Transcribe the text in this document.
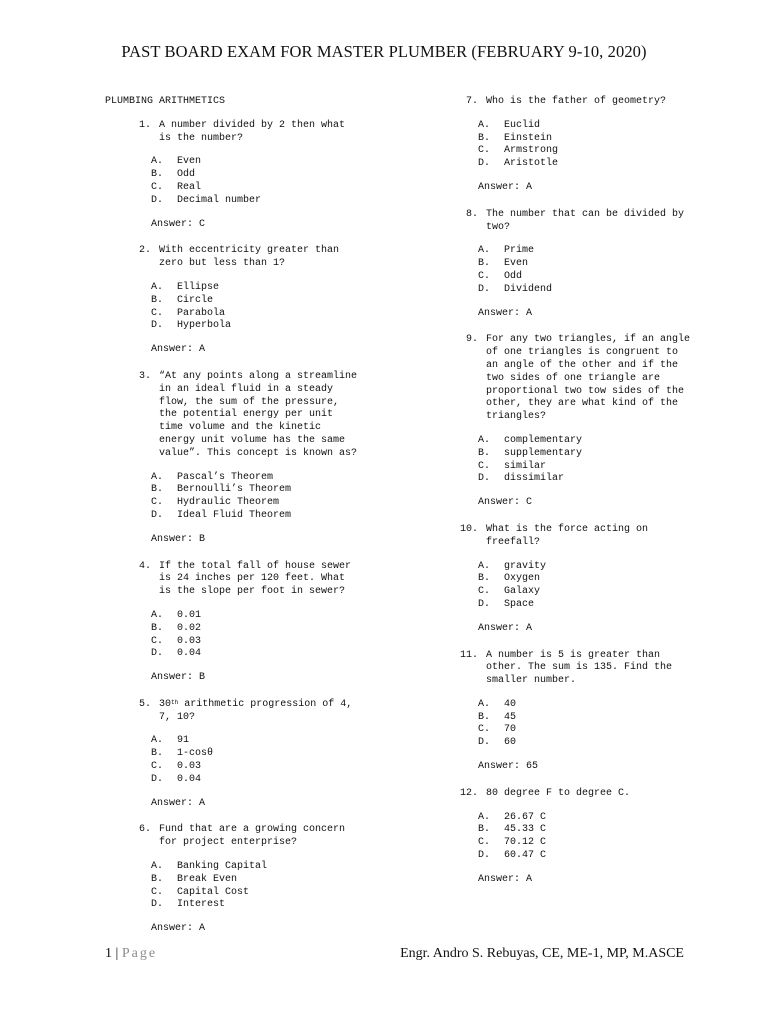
PAST BOARD EXAM FOR MASTER PLUMBER (FEBRUARY 9-10, 2020)
PLUMBING ARITHMETICS
1. A number divided by 2 then what is the number?
A.	Even
B.	Odd
C.	Real
D.	Decimal number
Answer: C
2. With eccentricity greater than zero but less than 1?
A.	Ellipse
B.	Circle
C.	Parabola
D.	Hyperbola
Answer: A
3. “At any points along a streamline in an ideal fluid in a steady flow, the sum of the pressure, the potential energy per unit time volume and the kinetic energy unit volume has the same value”. This concept is known as?
A.	Pascal’s Theorem
B.	Bernoulli’s Theorem
C.	Hydraulic Theorem
D.	Ideal Fluid Theorem
Answer: B
4. If the total fall of house sewer is 24 inches per 120 feet. What is the slope per foot in sewer?
A.	0.01
B.	0.02
C.	0.03
D.	0.04
Answer: B
5. 30th arithmetic progression of 4, 7, 10?
A.	91
B.	1-cosθ
C.	0.03
D.	0.04
Answer: A
6. Fund that are a growing concern for project enterprise?
A.	Banking Capital
B.	Break Even
C.	Capital Cost
D.	Interest
Answer: A
7. Who is the father of geometry?
A.	Euclid
B.	Einstein
C.	Armstrong
D.	Aristotle
Answer: A
8. The number that can be divided by two?
A.	Prime
B.	Even
C.	Odd
D.	Dividend
Answer: A
9. For any two triangles, if an angle of one triangles is congruent to an angle of the other and if the two sides of one triangle are proportional two tow sides of the other, they are what kind of the triangles?
A.	complementary
B.	supplementary
C.	similar
D.	dissimilar
Answer: C
10. What is the force acting on freefall?
A.	gravity
B.	Oxygen
C.	Galaxy
D.	Space
Answer: A
11. A number is 5 is greater than other. The sum is 135. Find the smaller number.
A.	40
B.	45
C.	70
D.	60
Answer: 65
12. 80 degree F to degree C.
A.	26.67 C
B.	45.33 C
C.	70.12 C
D.	60.47 C
Answer: A
1 | Page	Engr. Andro S. Rebuyas, CE, ME-1, MP, M.ASCE
